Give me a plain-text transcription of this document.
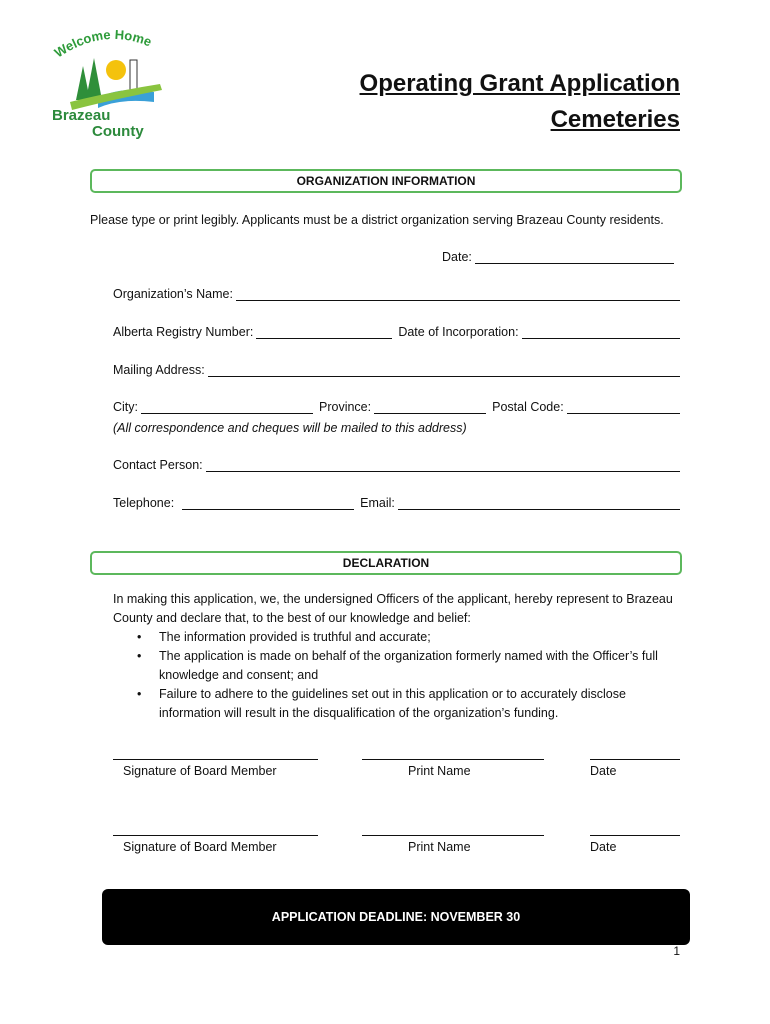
Welcome Home
Brazeau
County
Operating Grant Application
Cemeteries
ORGANIZATION INFORMATION
Please type or print legibly. Applicants must be a district organization serving Brazeau County residents.
Date:
Organization’s Name:
Alberta Registry Number:	Date of Incorporation:
Mailing Address:
City:	Province:	Postal Code:
(All correspondence and cheques will be mailed to this address)
Contact Person:
Telephone:	Email:
DECLARATION
In making this application, we, the undersigned Officers of the applicant, hereby represent to Brazeau County and declare that, to the best of our knowledge and belief:
• The information provided is truthful and accurate;
• The application is made on behalf of the organization formerly named with the Officer’s full knowledge and consent; and
• Failure to adhere to the guidelines set out in this application or to accurately disclose information will result in the disqualification of the organization’s funding.
Signature of Board Member	Print Name	Date
Signature of Board Member	Print Name	Date
APPLICATION DEADLINE: NOVEMBER 30
1
